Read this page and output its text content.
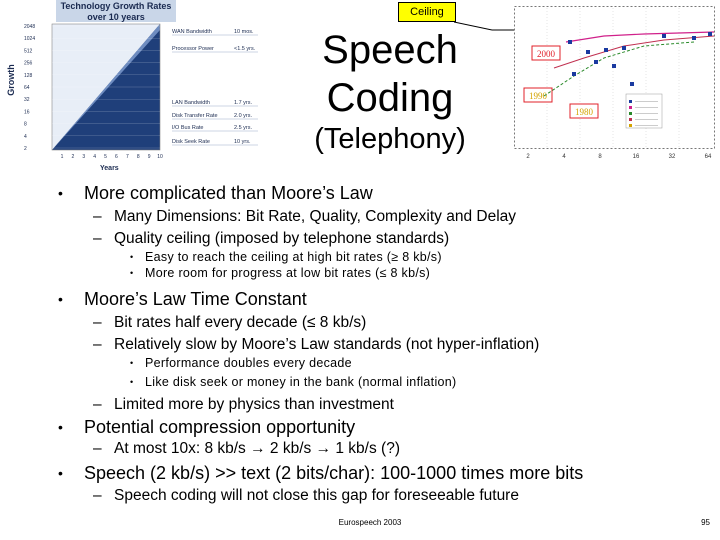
Technology Growth Rates
over 10 years
Growth
2048
1024
512
256
128
64
32
16
8
4
2
1 2 3 4 5 6 7 8 9 10
WAN Bandwidth	10 mos.
Processor Power	<1.5 yrs.
LAN Bandwidth	1.7 yrs.
Disk Transfer Rate	2.0 yrs.
I/O Bus Rate	2.5 yrs.
Disk Seek Rate	10 yrs.
Years
Ceiling
Speech
Coding
(Telephony)
2000
1990
1980
2	4	8	16	32	64
• More complicated than Moore’s Law
– Many Dimensions: Bit Rate, Quality, Complexity and Delay
– Quality ceiling (imposed by telephone standards)
• Easy to reach the ceiling at high bit rates (≥ 8 kb/s)
• More room for progress at low bit rates (≤ 8 kb/s)
• Moore’s Law Time Constant
– Bit rates half every decade (≤ 8 kb/s)
– Relatively slow by Moore’s Law standards (not hyper-inflation)
• Performance doubles every decade
• Like disk seek or money in the bank (normal inflation)
– Limited more by physics than investment
• Potential compression opportunity
– At most 10x: 8 kb/s → 2 kb/s → 1 kb/s (?)
• Speech (2 kb/s) >> text (2 bits/char): 100-1000 times more bits
– Speech coding will not close this gap for foreseeable future
Eurospeech 2003	95
